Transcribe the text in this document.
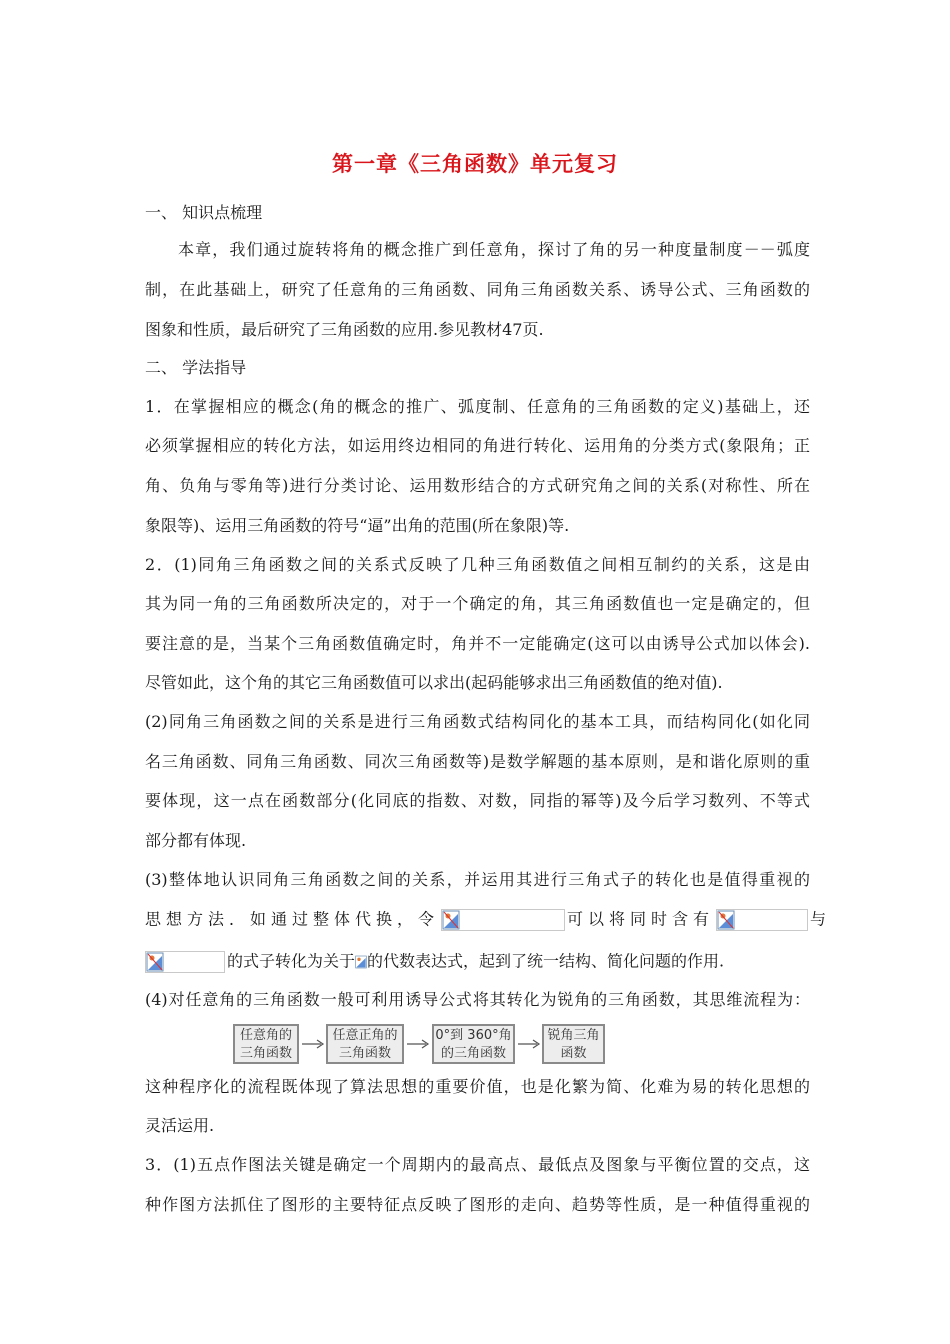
第一章《三角函数》单元复习
一、 知识点梳理
本章，我们通过旋转将角的概念推广到任意角，探讨了角的另一种度量制度－－弧度
制，在此基础上，研究了任意角的三角函数、同角三角函数关系、诱导公式、三角函数的
图象和性质，最后研究了三角函数的应用.参见教材47页.
二、 学法指导
1．在掌握相应的概念(角的概念的推广、弧度制、任意角的三角函数的定义)基础上，还
必须掌握相应的转化方法，如运用终边相同的角进行转化、运用角的分类方式(象限角；正
角、负角与零角等)进行分类讨论、运用数形结合的方式研究角之间的关系(对称性、所在
象限等)、运用三角函数的符号“逼”出角的范围(所在象限)等.
2．(1)同角三角函数之间的关系式反映了几种三角函数值之间相互制约的关系，这是由
其为同一角的三角函数所决定的，对于一个确定的角，其三角函数值也一定是确定的，但
要注意的是，当某个三角函数值确定时，角并不一定能确定(这可以由诱导公式加以体会).
尽管如此，这个角的其它三角函数值可以求出(起码能够求出三角函数值的绝对值).
(2)同角三角函数之间的关系是进行三角函数式结构同化的基本工具，而结构同化(如化同
名三角函数、同角三角函数、同次三角函数等)是数学解题的基本原则，是和谐化原则的重
要体现，这一点在函数部分(化同底的指数、对数，同指的幂等)及今后学习数列、不等式
部分都有体现.
(3)整体地认识同角三角函数之间的关系，并运用其进行三角式子的转化也是值得重视的
思想方法．如通过整体代换，令	可以将同时含有	与
的式子转化为关于 的代数表达式，起到了统一结构、简化问题的作用.
(4)对任意角的三角函数一般可利用诱导公式将其转化为锐角的三角函数，其思维流程为：
任意角的
三角函数
任意正角的
三角函数
0°到 360°角
的三角函数
锐角三角
函数
这种程序化的流程既体现了算法思想的重要价值，也是化繁为简、化难为易的转化思想的
灵活运用.
3．(1)五点作图法关键是确定一个周期内的最高点、最低点及图象与平衡位置的交点，这
种作图方法抓住了图形的主要特征点反映了图形的走向、趋势等性质，是一种值得重视的
